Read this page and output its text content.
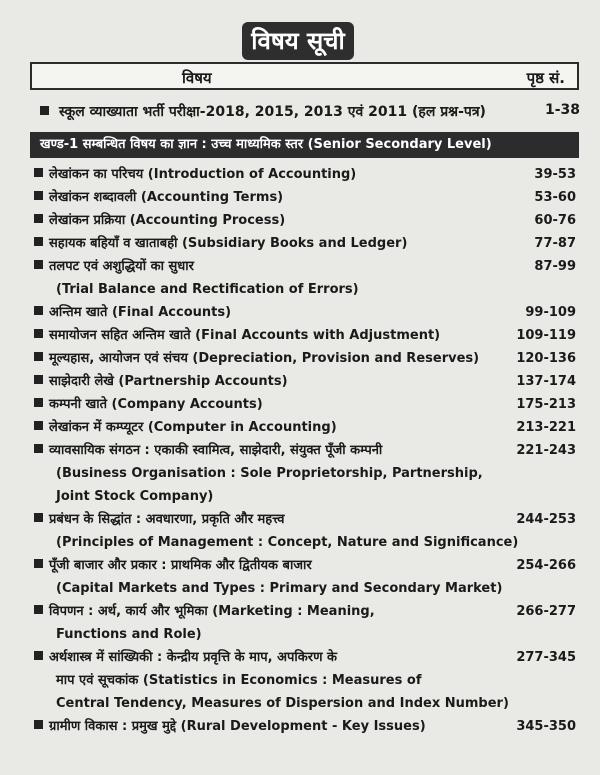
विषय सूची
विषय	पृष्ठ सं.
स्कूल व्याख्याता भर्ती परीक्षा-2018, 2015, 2013 एवं 2011 (हल प्रश्न-पत्र)	1-38
खण्ड-1 सम्बन्धित विषय का ज्ञान : उच्च माध्यमिक स्तर (Senior Secondary Level)
लेखांकन का परिचय (Introduction of Accounting)	39-53
लेखांकन शब्दावली (Accounting Terms)	53-60
लेखांकन प्रक्रिया (Accounting Process)	60-76
सहायक बहियाँ व खाताबही (Subsidiary Books and Ledger)	77-87
तलपट एवं अशुद्धियों का सुधार
(Trial Balance and Rectification of Errors)
87-99
अन्तिम खाते (Final Accounts)	99-109
समायोजन सहित अन्तिम खाते (Final Accounts with Adjustment)	109-119
मूल्यहास, आयोजन एवं संचय (Depreciation, Provision and Reserves)	120-136
साझेदारी लेखे (Partnership Accounts)	137-174
कम्पनी खाते (Company Accounts)	175-213
लेखांकन में कम्प्यूटर (Computer in Accounting)	213-221
व्यावसायिक संगठन : एकाकी स्वामित्व, साझेदारी, संयुक्त पूँजी कम्पनी
(Business Organisation : Sole Proprietorship, Partnership,
Joint Stock Company)
221-243
प्रबंधन के सिद्धांत : अवधारणा, प्रकृति और महत्त्व
(Principles of Management : Concept, Nature and Significance)
244-253
पूँजी बाजार और प्रकार : प्राथमिक और द्वितीयक बाजार
(Capital Markets and Types : Primary and Secondary Market)
254-266
विपणन : अर्थ, कार्य और भूमिका (Marketing : Meaning,
Functions and Role)
266-277
अर्थशास्त्र में सांख्यिकी : केन्द्रीय प्रवृत्ति के माप, अपकिरण के
माप एवं सूचकांक (Statistics in Economics : Measures of
Central Tendency, Measures of Dispersion and Index Number)
277-345
ग्रामीण विकास : प्रमुख मुद्दे (Rural Development - Key Issues)	345-350
